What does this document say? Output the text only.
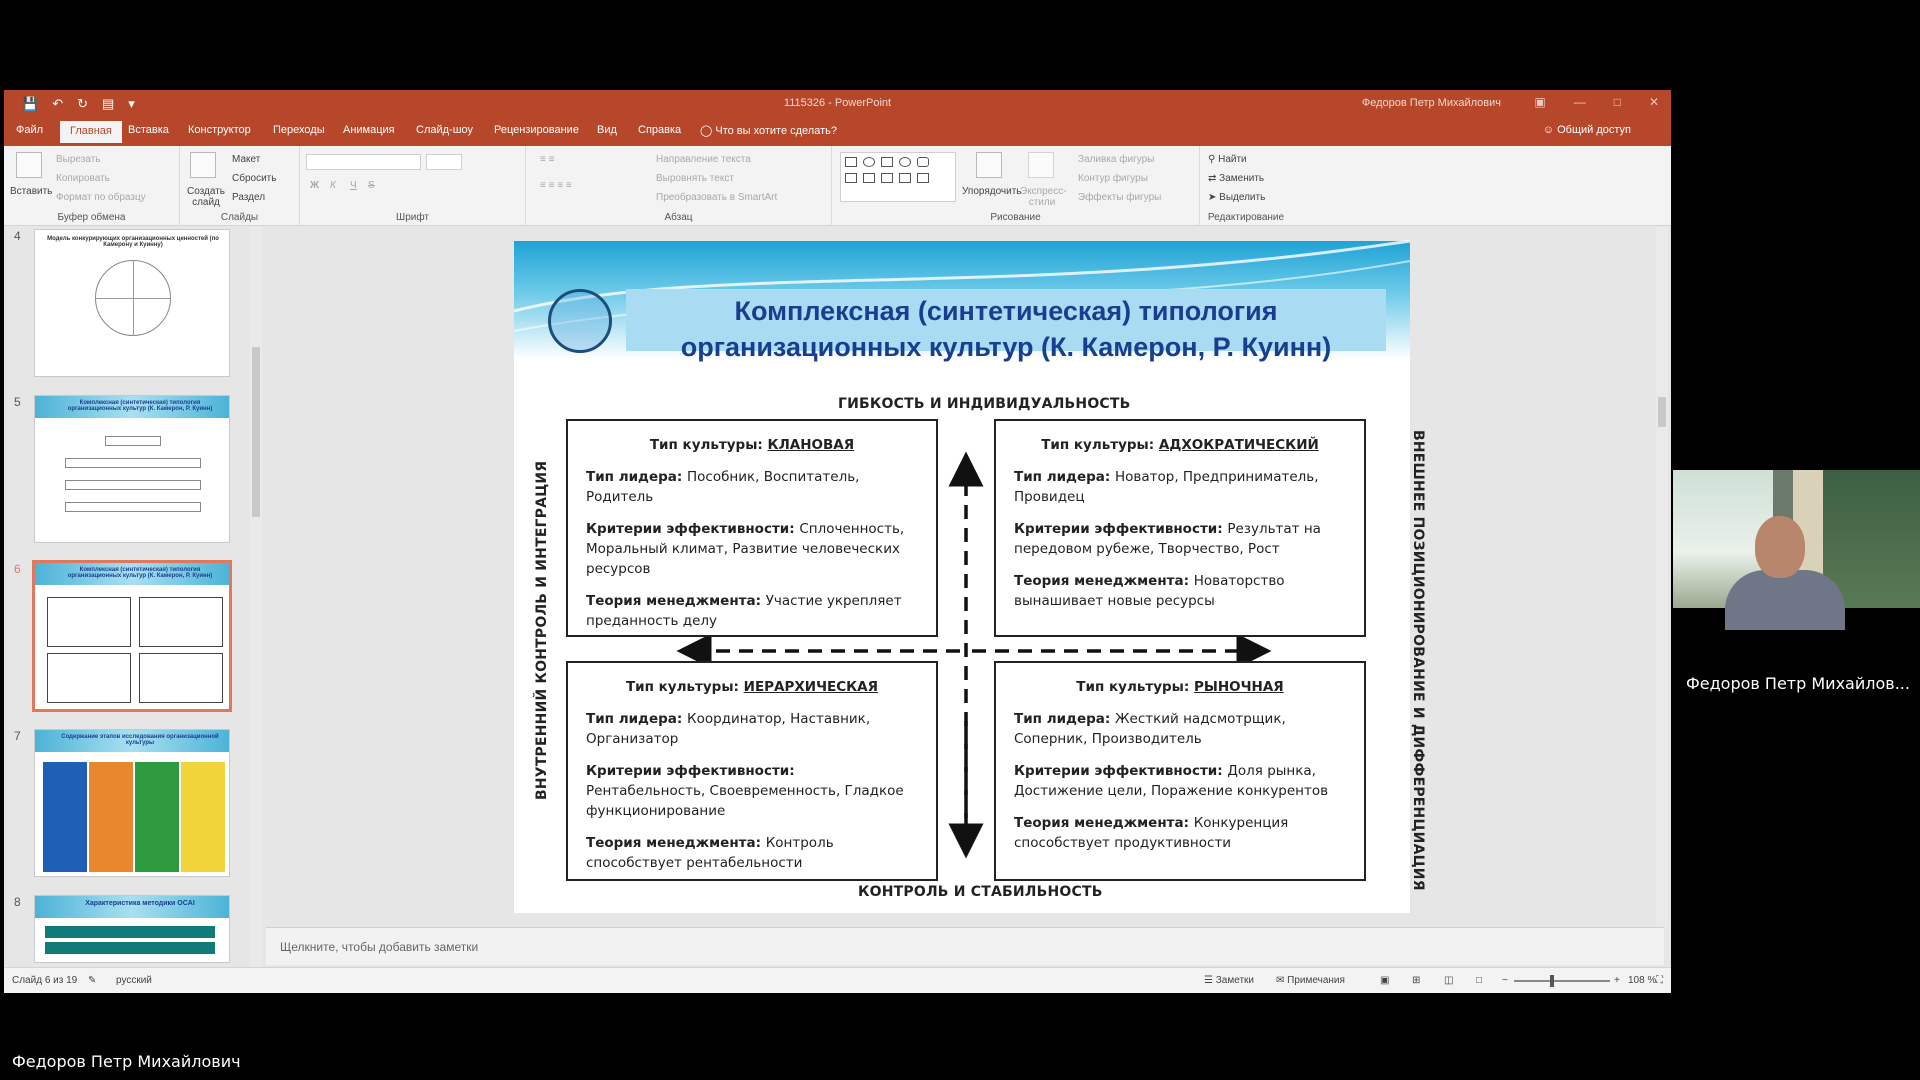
💾 ↶ ↻ ▤ ▾	1115326 - PowerPoint	Федоров Петр Михайлович	▣ — □ ✕
Файл	Главная	Вставка Конструктор Переходы Анимация Слайд-шоу Рецензирование Вид Справка ◯ Что вы хотите сделать?	☺ Общий доступ
Вставить
Вырезать
Копировать
Формат по образцу
Буфер обмена
Создать слайд
Макет
Сбросить
Раздел
Слайды
Ж К Ч S
Шрифт
Направление текста
Выровнять текст
Преобразовать в SmartArt
≡ ≡
≡ ≡ ≡ ≡
Абзац
Упорядочить
Экспресс-стили
Заливка фигуры
Контур фигуры
Эффекты фигуры
Рисование
⚲ Найти
⇄ Заменить
➤ Выделить
Редактирование
4	Модель конкурирующих организационных ценностей (по Камерону и Куинну)
5	Комплексная (синтетическая) типология организационных культур (К. Камерон, Р. Куинн)
6	Комплексная (синтетическая) типология организационных культур (К. Камерон, Р. Куинн)
7	Содержание этапов исследования организационной культуры
8	Характеристика методики OCAI
Комплексная (синтетическая) типология организационных культур (К. Камерон, Р. Куинн)
ГИБКОСТЬ И ИНДИВИДУАЛЬНОСТЬ
КОНТРОЛЬ И СТАБИЛЬНОСТЬ
ВНУТРЕННИЙ КОНТРОЛЬ И ИНТЕГРАЦИЯ	ВНЕШНЕЕ ПОЗИЦИОНИРОВАНИЕ И ДИФФЕРЕНЦИАЦИЯ
Тип культуры: КЛАНОВАЯ

Тип лидера: Пособник, Воспитатель, Родитель

Критерии эффективности: Сплоченность, Моральный климат, Развитие человеческих ресурсов

Теория менеджмента: Участие укрепляет преданность делу

Тип культуры: АДХОКРАТИЧЕСКИЙ

Тип лидера: Новатор, Предприниматель, Провидец

Критерии эффективности: Результат на передовом рубеже, Творчество, Рост

Теория менеджмента: Новаторство вынашивает новые ресурсы

Тип культуры: ИЕРАРХИЧЕСКАЯ

Тип лидера: Координатор, Наставник, Организатор

Критерии эффективности: Рентабельность, Своевременность, Гладкое функционирование

Теория менеджмента: Контроль способствует рентабельности

Тип культуры: РЫНОЧНАЯ

Тип лидера: Жесткий надсмотрщик, Соперник, Производитель

Критерии эффективности: Доля рынка, Достижение цели, Поражение конкурентов

Теория менеджмента: Конкуренция способствует продуктивности

Щелкните, чтобы добавить заметки
Слайд 6 из 19 ✎ русский	☰ Заметки ✉ Примечания	▣ ⊞ ◫ □ −	+ 108 % ⛶
Федоров Петр Михайлов...
Федоров Петр Михайлович
